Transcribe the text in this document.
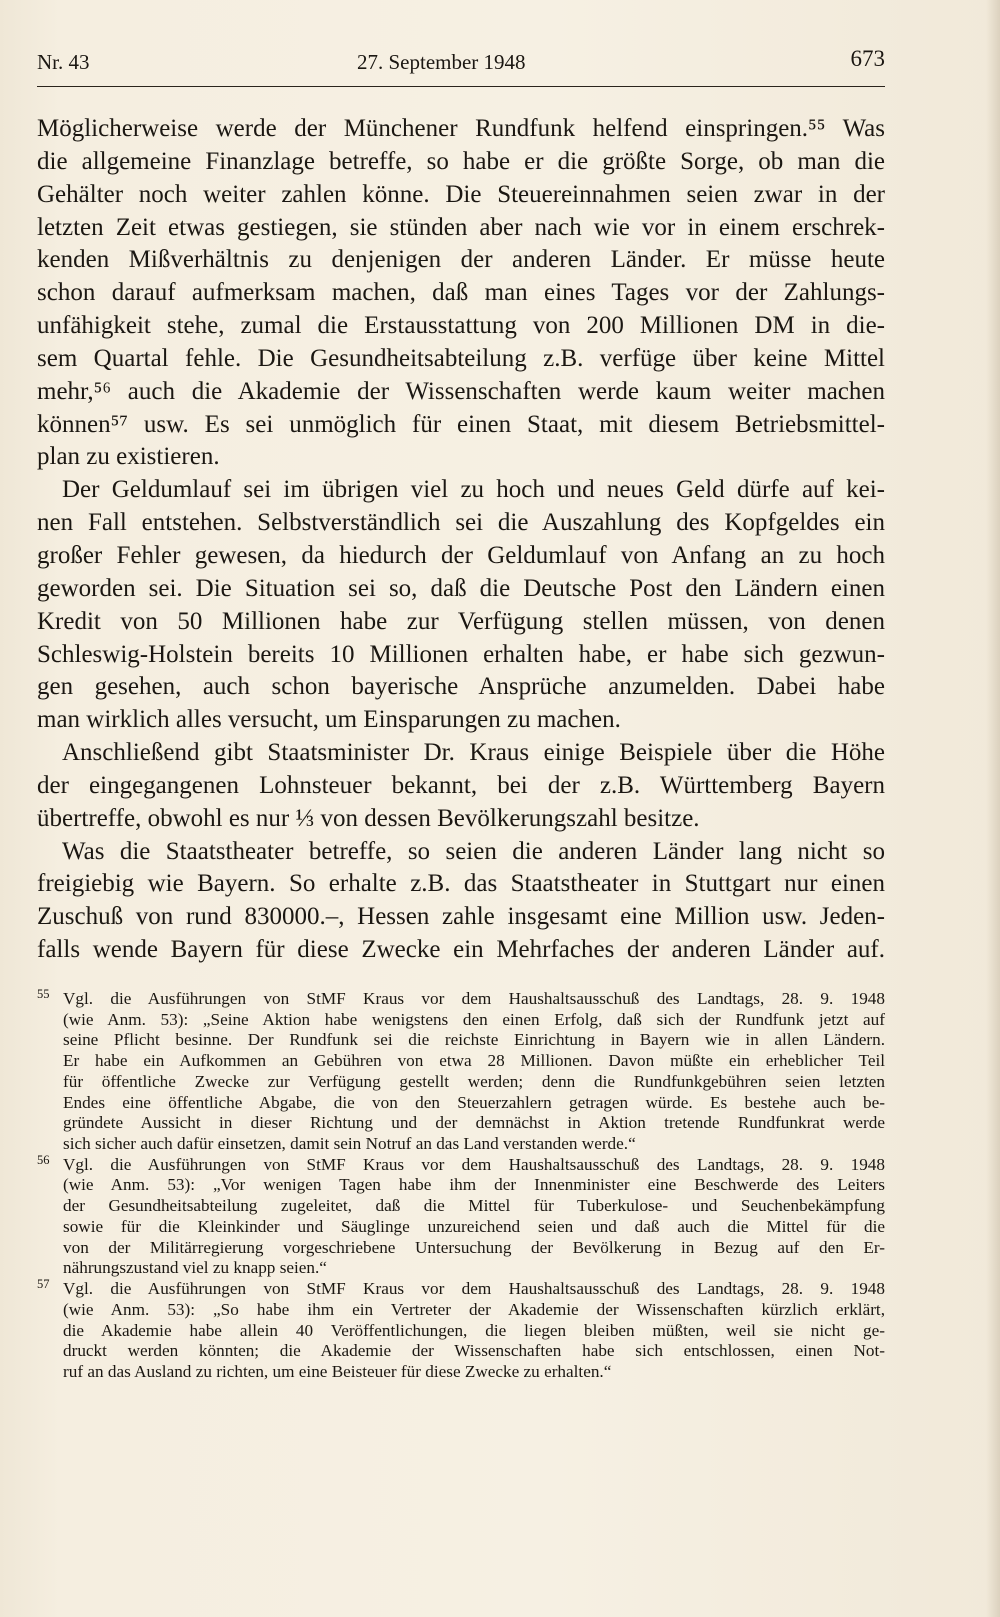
Nr. 43	27. September 1948	673
Möglicherweise werde der Münchener Rundfunk helfend einspringen.⁵⁵ Was
die allgemeine Finanzlage betreffe, so habe er die größte Sorge, ob man die
Gehälter noch weiter zahlen könne. Die Steuereinnahmen seien zwar in der
letzten Zeit etwas gestiegen, sie stünden aber nach wie vor in einem erschrek-
kenden Mißverhältnis zu denjenigen der anderen Länder. Er müsse heute
schon darauf aufmerksam machen, daß man eines Tages vor der Zahlungs-
unfähigkeit stehe, zumal die Erstausstattung von 200 Millionen DM in die-
sem Quartal fehle. Die Gesundheitsabteilung z.B. verfüge über keine Mittel
mehr,⁵⁶ auch die Akademie der Wissenschaften werde kaum weiter machen
können⁵⁷ usw. Es sei unmöglich für einen Staat, mit diesem Betriebsmittel-
plan zu existieren.
Der Geldumlauf sei im übrigen viel zu hoch und neues Geld dürfe auf kei-
nen Fall entstehen. Selbstverständlich sei die Auszahlung des Kopfgeldes ein
großer Fehler gewesen, da hiedurch der Geldumlauf von Anfang an zu hoch
geworden sei. Die Situation sei so, daß die Deutsche Post den Ländern einen
Kredit von 50 Millionen habe zur Verfügung stellen müssen, von denen
Schleswig-Holstein bereits 10 Millionen erhalten habe, er habe sich gezwun-
gen gesehen, auch schon bayerische Ansprüche anzumelden. Dabei habe
man wirklich alles versucht, um Einsparungen zu machen.
Anschließend gibt Staatsminister Dr. Kraus einige Beispiele über die Höhe
der eingegangenen Lohnsteuer bekannt, bei der z.B. Württemberg Bayern
übertreffe, obwohl es nur ⅓ von dessen Bevölkerungszahl besitze.
Was die Staatstheater betreffe, so seien die anderen Länder lang nicht so
freigiebig wie Bayern. So erhalte z.B. das Staatstheater in Stuttgart nur einen
Zuschuß von rund 830000.–, Hessen zahle insgesamt eine Million usw. Jeden-
falls wende Bayern für diese Zwecke ein Mehrfaches der anderen Länder auf.
55 Vgl. die Ausführungen von StMF Kraus vor dem Haushaltsausschuß des Landtags, 28. 9. 1948
(wie Anm. 53): „Seine Aktion habe wenigstens den einen Erfolg, daß sich der Rundfunk jetzt auf
seine Pflicht besinne. Der Rundfunk sei die reichste Einrichtung in Bayern wie in allen Ländern.
Er habe ein Aufkommen an Gebühren von etwa 28 Millionen. Davon müßte ein erheblicher Teil
für öffentliche Zwecke zur Verfügung gestellt werden; denn die Rundfunkgebühren seien letzten
Endes eine öffentliche Abgabe, die von den Steuerzahlern getragen würde. Es bestehe auch be-
gründete Aussicht in dieser Richtung und der demnächst in Aktion tretende Rundfunkrat werde
sich sicher auch dafür einsetzen, damit sein Notruf an das Land verstanden werde.“
56 Vgl. die Ausführungen von StMF Kraus vor dem Haushaltsausschuß des Landtags, 28. 9. 1948
(wie Anm. 53): „Vor wenigen Tagen habe ihm der Innenminister eine Beschwerde des Leiters
der Gesundheitsabteilung zugeleitet, daß die Mittel für Tuberkulose- und Seuchenbekämpfung
sowie für die Kleinkinder und Säuglinge unzureichend seien und daß auch die Mittel für die
von der Militärregierung vorgeschriebene Untersuchung der Bevölkerung in Bezug auf den Er-
nährungszustand viel zu knapp seien.“
57 Vgl. die Ausführungen von StMF Kraus vor dem Haushaltsausschuß des Landtags, 28. 9. 1948
(wie Anm. 53): „So habe ihm ein Vertreter der Akademie der Wissenschaften kürzlich erklärt,
die Akademie habe allein 40 Veröffentlichungen, die liegen bleiben müßten, weil sie nicht ge-
druckt werden könnten; die Akademie der Wissenschaften habe sich entschlossen, einen Not-
ruf an das Ausland zu richten, um eine Beisteuer für diese Zwecke zu erhalten.“
